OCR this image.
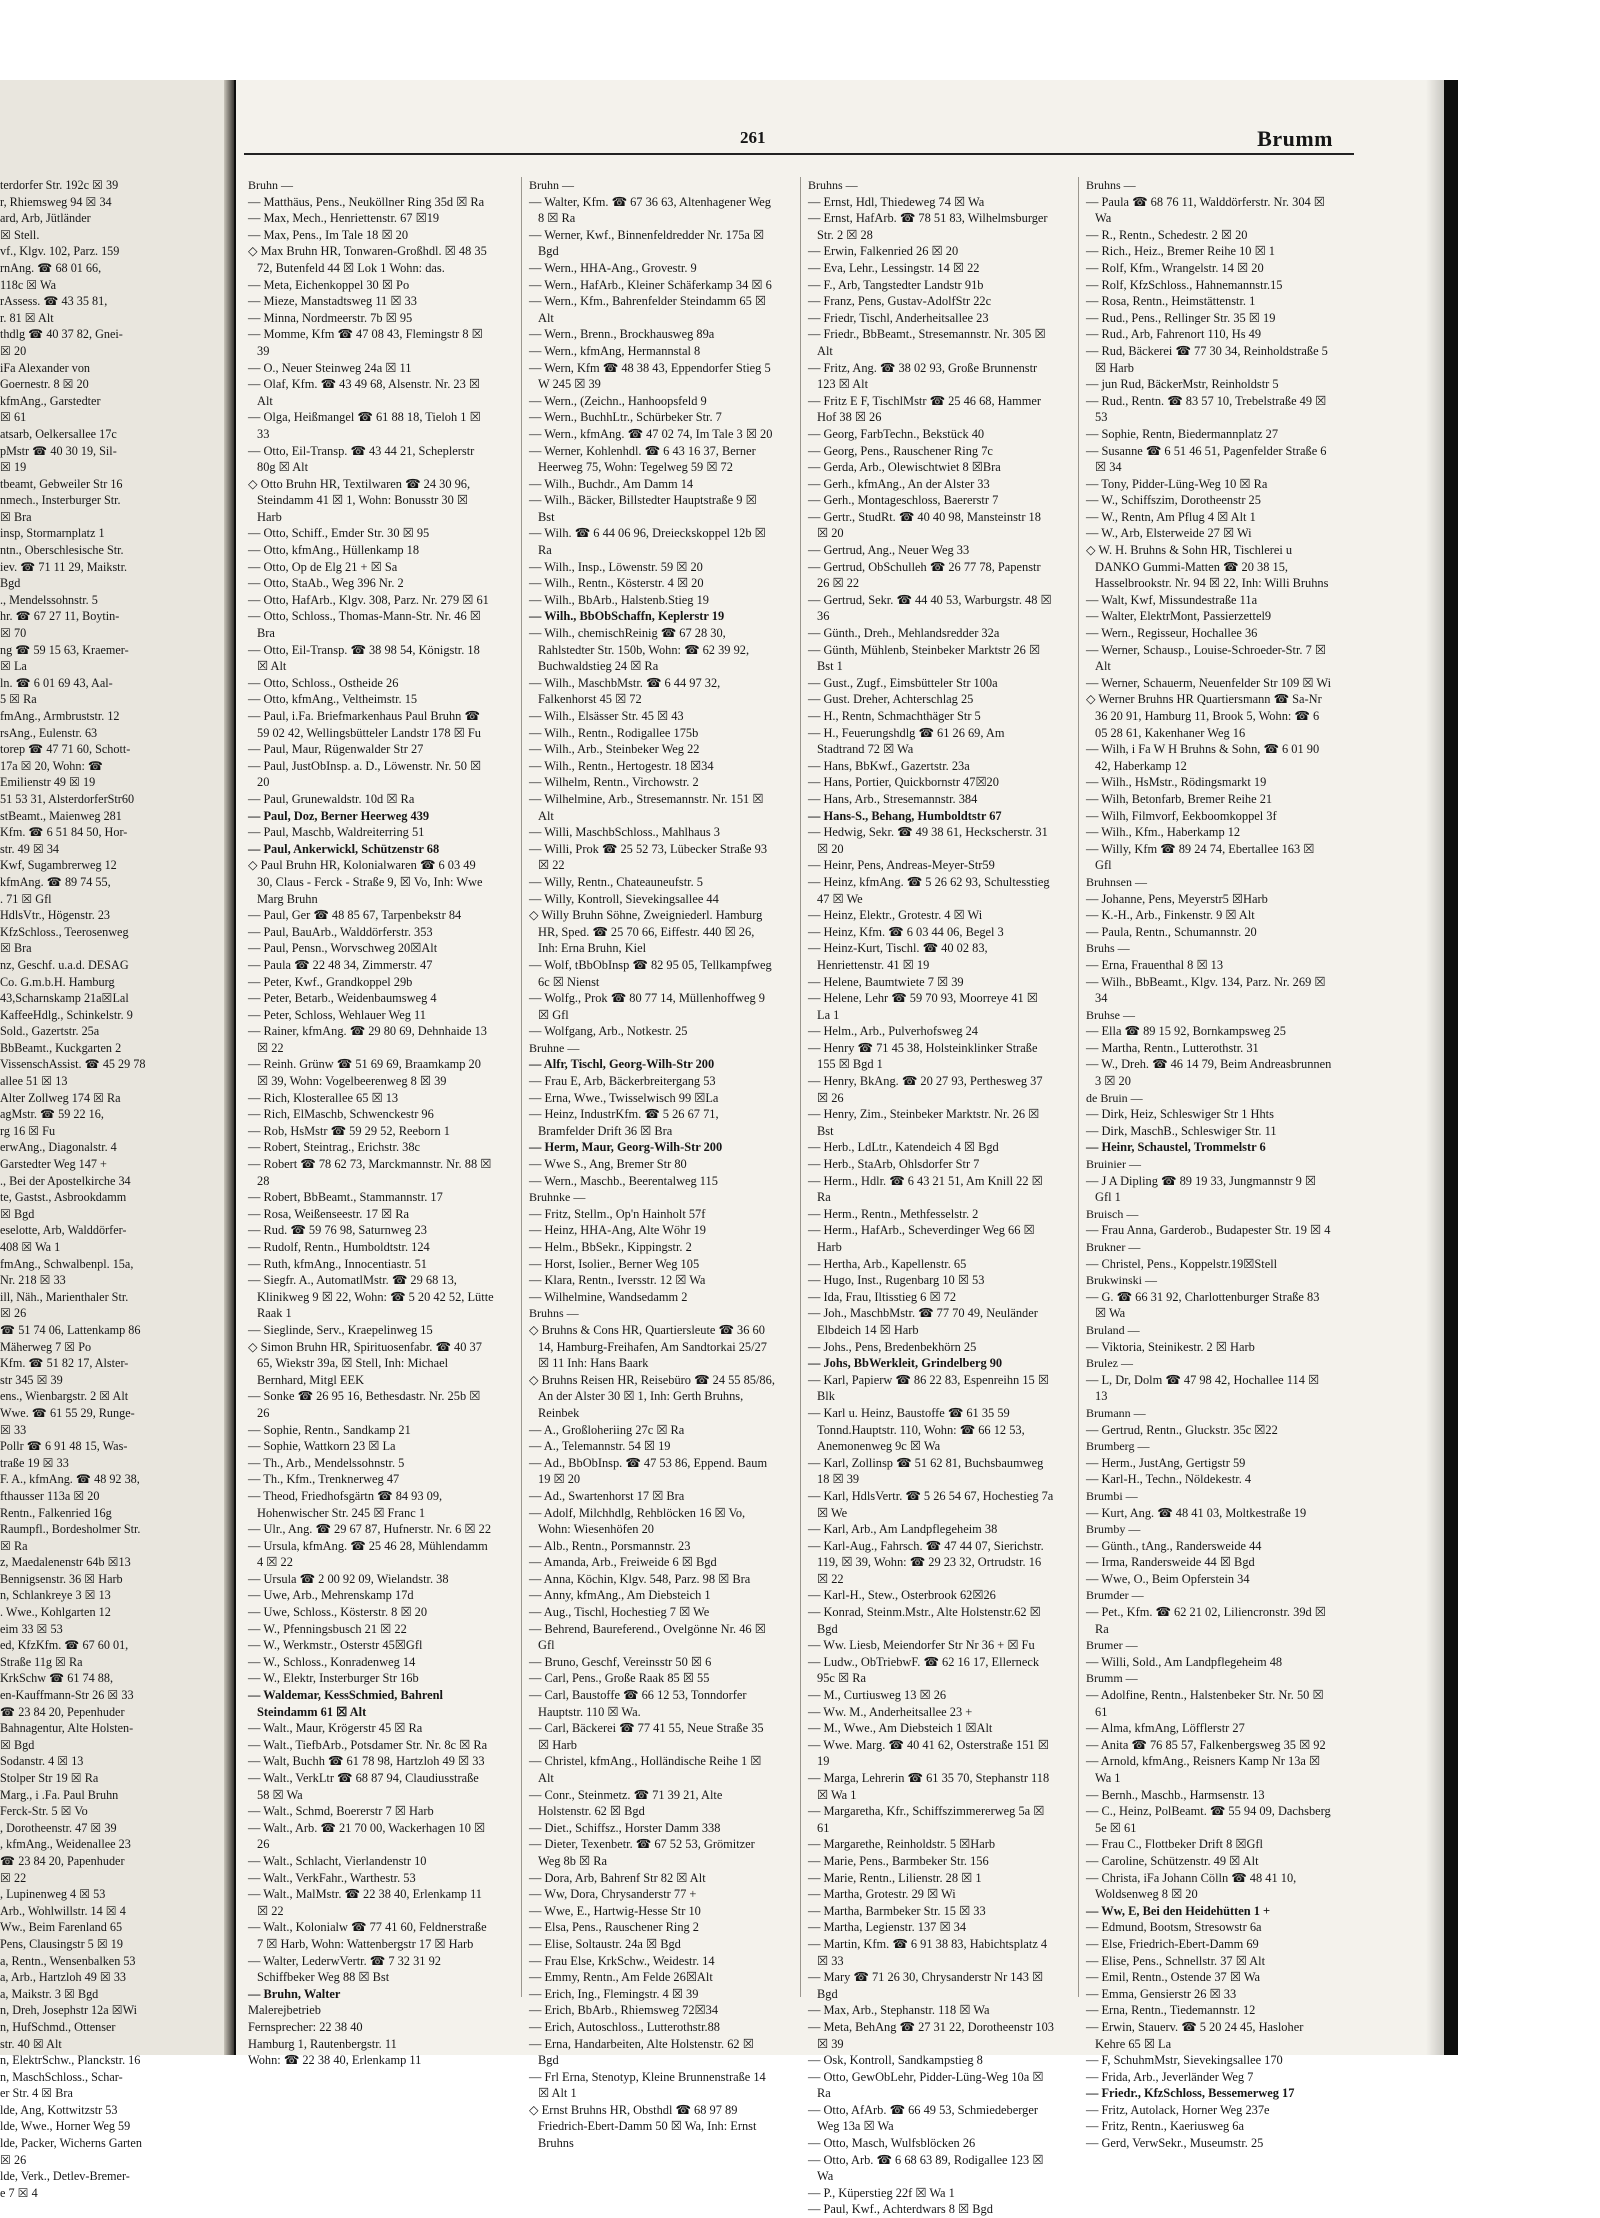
terdorfer Str. 192c ☒ 39

r, Rhiemsweg 94 ☒ 34

ard, Arb, Jütländer

☒ Stell.

vf., Klgv. 102, Parz. 159

rnAng. ☎ 68 01 66,

118c ☒ Wa

rAssess. ☎ 43 35 81,

r. 81 ☒ Alt

thdlg ☎ 40 37 82, Gnei-

☒ 20

iFa Alexander von

Goernestr. 8 ☒ 20

kfmAng., Garstedter

☒ 61

atsarb, Oelkersallee 17c

pMstr ☎ 40 30 19, Sil-

☒ 19

tbeamt, Gebweiler Str 16

nmech., Insterburger Str.

☒ Bra

insp, Stormarnplatz 1

ntn., Oberschlesische Str.

iev. ☎ 71 11 29, Maikstr.

Bgd

., Mendelssohnstr. 5

hr. ☎ 67 27 11, Boytin-

☒ 70

ng ☎ 59 15 63, Kraemer-

☒ La

ln. ☎ 6 01 69 43, Aal-

5 ☒ Ra

fmAng., Armbruststr. 12

rsAng., Eulenstr. 63

torep ☎ 47 71 60, Schott-

17a ☒ 20, Wohn: ☎

Emilienstr 49 ☒ 19

51 53 31, AlsterdorferStr60

stBeamt., Maienweg 281

Kfm. ☎ 6 51 84 50, Hor-

str. 49 ☒ 34

Kwf, Sugambrerweg 12

kfmAng. ☎ 89 74 55,

. 71 ☒ Gfl

HdlsVtr., Högenstr. 23

KfzSchloss., Teerosenweg

☒ Bra

nz, Geschf. u.a.d. DESAG

Co. G.m.b.H. Hamburg

43,Scharnskamp 21a☒Lal

KaffeeHdlg., Schinkelstr. 9

Sold., Gazertstr. 25a

BbBeamt., Kuckgarten 2

VissenschAssist. ☎ 45 29 78

allee 51 ☒ 13

Alter Zollweg 174 ☒ Ra

agMstr. ☎ 59 22 16,

rg 16 ☒ Fu

erwAng., Diagonalstr. 4

Garstedter Weg 147 +

., Bei der Apostelkirche 34

te, Gastst., Asbrookdamm

☒ Bgd

eselotte, Arb, Walddörfer-

408 ☒ Wa 1

fmAng., Schwalbenpl. 15a,

Nr. 218 ☒ 33

ill, Näh., Marienthaler Str.

☒ 26

☎ 51 74 06, Lattenkamp 86

Mäherweg 7 ☒ Po

Kfm. ☎ 51 82 17, Alster-

str 345 ☒ 39

ens., Wienbargstr. 2 ☒ Alt

Wwe. ☎ 61 55 29, Runge-

☒ 33

Pollr ☎ 6 91 48 15, Was-

traße 19 ☒ 33

F. A., kfmAng. ☎ 48 92 38,

fthausser 113a ☒ 20

Rentn., Falkenried 16g

Raumpfl., Bordesholmer Str.

☒ Ra

z, Maedalenenstr 64b ☒13

Bennigsenstr. 36 ☒ Harb

n, Schlankreye 3 ☒ 13

. Wwe., Kohlgarten 12

eim 33 ☒ 53

ed, KfzKfm. ☎ 67 60 01,

Straße 11g ☒ Ra

KrkSchw ☎ 61 74 88,

en-Kauffmann-Str 26 ☒ 33

☎ 23 84 20, Pepenhuder

Bahnagentur, Alte Holsten-

☒ Bgd

Sodanstr. 4 ☒ 13

Stolper Str 19 ☒ Ra

Marg., i .Fa. Paul Bruhn

Ferck-Str. 5 ☒ Vo

, Dorotheenstr. 47 ☒ 39

, kfmAng., Weidenallee 23

☎ 23 84 20, Papenhuder

☒ 22

, Lupinenweg 4 ☒ 53

Arb., Wohlwillstr. 14 ☒ 4

Ww., Beim Farenland 65

Pens, Clausingstr 5 ☒ 19

a, Rentn., Wensenbalken 53

a, Arb., Hartzloh 49 ☒ 33

a, Maikstr. 3 ☒ Bgd

n, Dreh, Josephstr 12a ☒Wi

n, HufSchmd., Ottenser

str. 40 ☒ Alt

n, ElektrSchw., Planckstr. 16

n, MaschSchloss., Schar-

er Str. 4 ☒ Bra

lde, Ang, Kottwitzstr 53

lde, Wwe., Horner Weg 59

lde, Packer, Wicherns Garten

☒ 26

lde, Verk., Detlev-Bremer-

e 7 ☒ 4

261	Brumm

Bruhn —

— Matthäus, Pens., Neuköllner Ring 35d ☒ Ra

— Max, Mech., Henriettenstr. 67 ☒19

— Max, Pens., Im Tale 18 ☒ 20

◇ Max Bruhn HR, Tonwaren-Großhdl. ☒ 48 35 72, Butenfeld 44 ☒ Lok 1 Wohn: das.

— Meta, Eichenkoppel 30 ☒ Po

— Mieze, Manstadtsweg 11 ☒ 33

— Minna, Nordmeerstr. 7b ☒ 95

— Momme, Kfm ☎ 47 08 43, Flemingstr 8 ☒ 39

— O., Neuer Steinweg 24a ☒ 11

— Olaf, Kfm. ☎ 43 49 68, Alsenstr. Nr. 23 ☒ Alt

— Olga, Heißmangel ☎ 61 88 18, Tieloh 1 ☒ 33

— Otto, Eil-Transp. ☎ 43 44 21, Scheplerstr 80g ☒ Alt

◇ Otto Bruhn HR, Textilwaren ☎ 24 30 96, Steindamm 41 ☒ 1, Wohn: Bonusstr 30 ☒ Harb

— Otto, Schiff., Emder Str. 30 ☒ 95

— Otto, kfmAng., Hüllenkamp 18

— Otto, Op de Elg 21 + ☒ Sa

— Otto, StaAb., Weg 396 Nr. 2

— Otto, HafArb., Klgv. 308, Parz. Nr. 279 ☒ 61

— Otto, Schloss., Thomas-Mann-Str. Nr. 46 ☒ Bra

— Otto, Eil-Transp. ☎ 38 98 54, Königstr. 18 ☒ Alt

— Otto, Schloss., Ostheide 26

— Otto, kfmAng., Veltheimstr. 15

— Paul, i.Fa. Briefmarkenhaus Paul Bruhn ☎ 59 02 42, Wellingsbütteler Landstr 178 ☒ Fu

— Paul, Maur, Rügenwalder Str 27

— Paul, JustObInsp. a. D., Löwenstr. Nr. 50 ☒ 20

— Paul, Grunewaldstr. 10d ☒ Ra

— Paul, Doz, Berner Heerweg 439

— Paul, Maschb, Waldreiterring 51

— Paul, Ankerwickl, Schützenstr 68

◇ Paul Bruhn HR, Kolonialwaren ☎ 6 03 49 30, Claus - Ferck - Straße 9, ☒ Vo, Inh: Wwe Marg Bruhn

— Paul, Ger ☎ 48 85 67, Tarpenbekstr 84

— Paul, BauArb., Walddörferstr. 353

— Paul, Pensn., Worvschweg 20☒Alt

— Paula ☎ 22 48 34, Zimmerstr. 47

— Peter, Kwf., Grandkoppel 29b

— Peter, Betarb., Weidenbaumsweg 4

— Peter, Schloss, Wehlauer Weg 11

— Rainer, kfmAng. ☎ 29 80 69, Dehnhaide 13 ☒ 22

— Reinh. Grünw ☎ 51 69 69, Braamkamp 20 ☒ 39, Wohn: Vogelbeerenweg 8 ☒ 39

— Rich, Klosterallee 65 ☒ 13

— Rich, ElMaschb, Schwenckestr 96

— Rob, HsMstr ☎ 59 29 52, Reeborn 1

— Robert, Steintrag., Erichstr. 38c

— Robert ☎ 78 62 73, Marckmannstr. Nr. 88 ☒ 28

— Robert, BbBeamt., Stammannstr. 17

— Rosa, Weißenseestr. 17 ☒ Ra

— Rud. ☎ 59 76 98, Saturnweg 23

— Rudolf, Rentn., Humboldtstr. 124

— Ruth, kfmAng., Innocentiastr. 51

— Siegfr. A., AutomatlMstr. ☎ 29 68 13, Klinikweg 9 ☒ 22, Wohn: ☎ 5 20 42 52, Lütte Raak 1

— Sieglinde, Serv., Kraepelinweg 15

◇ Simon Bruhn HR, Spirituosenfabr. ☎ 40 37 65, Wiekstr 39a, ☒ Stell, Inh: Michael Bernhard, Mitgl EEK

— Sonke ☎ 26 95 16, Bethesdastr. Nr. 25b ☒ 26

— Sophie, Rentn., Sandkamp 21

— Sophie, Wattkorn 23 ☒ La

— Th., Arb., Mendelssohnstr. 5

— Th., Kfm., Trenknerweg 47

— Theod, Friedhofsgärtn ☎ 84 93 09, Hohenwischer Str. 245 ☒ Franc 1

— Ulr., Ang. ☎ 29 67 87, Hufnerstr. Nr. 6 ☒ 22

— Ursula, kfmAng. ☎ 25 46 28, Mühlendamm 4 ☒ 22

— Ursula ☎ 2 00 92 09, Wielandstr. 38

— Uwe, Arb., Mehrenskamp 17d

— Uwe, Schloss., Kösterstr. 8 ☒ 20

— W., Pfenningsbusch 21 ☒ 22

— W., Werkmstr., Osterstr 45☒Gfl

— W., Schloss., Konradenweg 14

— W., Elektr, Insterburger Str 16b

— Waldemar, KessSchmied, Bahrenl Steindamm 61 ☒ Alt

— Walt., Maur, Krögerstr 45 ☒ Ra

— Walt., TiefbArb., Potsdamer Str. Nr. 8c ☒ Ra

— Walt, Buchh ☎ 61 78 98, Hartzloh 49 ☒ 33

— Walt., VerkLtr ☎ 68 87 94, Claudiusstraße 58 ☒ Wa

— Walt., Schmd, Boererstr 7 ☒ Harb

— Walt., Arb. ☎ 21 70 00, Wackerhagen 10 ☒ 26

— Walt., Schlacht, Vierlandenstr 10

— Walt., VerkFahr., Warthestr. 53

— Walt., MalMstr. ☎ 22 38 40, Erlenkamp 11 ☒ 22

— Walt., Kolonialw ☎ 77 41 60, Feldnerstraße 7 ☒ Harb, Wohn: Wattenbergstr 17 ☒ Harb

— Walter, LederwVertr. ☎ 7 32 31 92 Schiffbeker Weg 88 ☒ Bst

— Bruhn, Walter

Malerejbetrieb

Fernsprecher: 22 38 40

Hamburg 1, Rautenbergstr. 11

Wohn: ☎ 22 38 40, Erlenkamp 11

Bruhn —

— Walter, Kfm. ☎ 67 36 63, Altenhagener Weg 8 ☒ Ra

— Werner, Kwf., Binnenfeldredder Nr. 175a ☒ Bgd

— Wern., HHA-Ang., Grovestr. 9

— Wern., HafArb., Kleiner Schäferkamp 34 ☒ 6

— Wern., Kfm., Bahrenfelder Steindamm 65 ☒ Alt

— Wern., Brenn., Brockhausweg 89a

— Wern., kfmAng, Hermannstal 8

— Wern, Kfm ☎ 48 38 43, Eppendorfer Stieg 5 W 245 ☒ 39

— Wern., (Zeichn., Hanhoopsfeld 9

— Wern., BuchhLtr., Schürbeker Str. 7

— Wern., kfmAng. ☎ 47 02 74, Im Tale 3 ☒ 20

— Werner, Kohlenhdl. ☎ 6 43 16 37, Berner Heerweg 75, Wohn: Tegelweg 59 ☒ 72

— Wilh., Buchdr., Am Damm 14

— Wilh., Bäcker, Billstedter Hauptstraße 9 ☒ Bst

— Wilh. ☎ 6 44 06 96, Dreieckskoppel 12b ☒ Ra

— Wilh., Insp., Löwenstr. 59 ☒ 20

— Wilh., Rentn., Kösterstr. 4 ☒ 20

— Wilh., BbArb., Halstenb.Stieg 19

— Wilh., BbObSchaffn, Keplerstr 19

— Wilh., chemischReinig ☎ 67 28 30, Rahlstedter Str. 150b, Wohn: ☎ 62 39 92, Buchwaldstieg 24 ☒ Ra

— Wilh., MaschbMstr. ☎ 6 44 97 32, Falkenhorst 45 ☒ 72

— Wilh., Elsässer Str. 45 ☒ 43

— Wilh., Rentn., Rodigallee 175b

— Wilh., Arb., Steinbeker Weg 22

— Wilh., Rentn., Hertogestr. 18 ☒34

— Wilhelm, Rentn., Virchowstr. 2

— Wilhelmine, Arb., Stresemannstr. Nr. 151 ☒ Alt

— Willi, MaschbSchloss., Mahlhaus 3

— Willi, Prok ☎ 25 52 73, Lübecker Straße 93 ☒ 22

— Willy, Rentn., Chateauneufstr. 5

— Willy, Kontroll, Sievekingsallee 44

◇ Willy Bruhn Söhne, Zweigniederl. Hamburg HR, Sped. ☎ 25 70 66, Eiffestr. 440 ☒ 26, Inh: Erna Bruhn, Kiel

— Wolf, tBbObInsp ☎ 82 95 05, Tellkampfweg 6c ☒ Nienst

— Wolfg., Prok ☎ 80 77 14, Müllenhoffweg 9 ☒ Gfl

— Wolfgang, Arb., Notkestr. 25

Bruhne —

— Alfr, Tischl, Georg-Wilh-Str 200

— Frau E, Arb, Bäckerbreitergang 53

— Erna, Wwe., Twisselwisch 99 ☒La

— Heinz, IndustrKfm. ☎ 5 26 67 71, Bramfelder Drift 36 ☒ Bra

— Herm, Maur, Georg-Wilh-Str 200

— Wwe S., Ang, Bremer Str 80

— Wern., Maschb., Beerentalweg 115

Bruhnke —

— Fritz, Stellm., Op'n Hainholt 57f

— Heinz, HHA-Ang, Alte Wöhr 19

— Helm., BbSekr., Kippingstr. 2

— Horst, Isolier., Berner Weg 105

— Klara, Rentn., Iversstr. 12 ☒ Wa

— Wilhelmine, Wandsedamm 2

Bruhns —

◇ Bruhns & Cons HR, Quartiersleute ☎ 36 60 14, Hamburg-Freihafen, Am Sandtorkai 25/27 ☒ 11 Inh: Hans Baark

◇ Bruhns Reisen HR, Reisebüro ☎ 24 55 85/86, An der Alster 30 ☒ 1, Inh: Gerth Bruhns, Reinbek

— A., Großloheriing 27c ☒ Ra

— A., Telemannstr. 54 ☒ 19

— Ad., BbObInsp. ☎ 47 53 86, Eppend. Baum 19 ☒ 20

— Ad., Swartenhorst 17 ☒ Bra

— Adolf, Milchhdlg, Rehblöcken 16 ☒ Vo, Wohn: Wiesenhöfen 20

— Alb., Rentn., Porsmannstr. 23

— Amanda, Arb., Freiweide 6 ☒ Bgd

— Anna, Köchin, Klgv. 548, Parz. 98 ☒ Bra

— Anny, kfmAng., Am Diebsteich 1

— Aug., Tischl, Hochestieg 7 ☒ We

— Behrend, Baureferend., Ovelgönne Nr. 46 ☒ Gfl

— Bruno, Geschf, Vereinsstr 50 ☒ 6

— Carl, Pens., Große Raak 85 ☒ 55

— Carl, Baustoffe ☎ 66 12 53, Tonndorfer Hauptstr. 110 ☒ Wa.

— Carl, Bäckerei ☎ 77 41 55, Neue Straße 35 ☒ Harb

— Christel, kfmAng., Holländische Reihe 1 ☒ Alt

— Conr., Steinmetz. ☎ 71 39 21, Alte Holstenstr. 62 ☒ Bgd

— Diet., Schiffsz., Horster Damm 338

— Dieter, Texenbetr. ☎ 67 52 53, Grömitzer Weg 8b ☒ Ra

— Dora, Arb, Bahrenf Str 82 ☒ Alt

— Ww, Dora, Chrysanderstr 77 +

— Wwe, E., Hartwig-Hesse Str 10

— Elsa, Pens., Rauschener Ring 2

— Elise, Soltaustr. 24a ☒ Bgd

— Frau Else, KrkSchw., Weidestr. 14

— Emmy, Rentn., Am Felde 26☒Alt

— Erich, Ing., Flemingstr. 4 ☒ 39

— Erich, BbArb., Rhiemsweg 72☒34

— Erich, Autoschloss., Lutterothstr.88

— Erna, Handarbeiten, Alte Holstenstr. 62 ☒ Bgd

— Frl Erna, Stenotyp, Kleine Brunnenstraße 14 ☒ Alt 1

◇ Ernst Bruhns HR, Obsthdl ☎ 68 97 89 Friedrich-Ebert-Damm 50 ☒ Wa, Inh: Ernst Bruhns

Bruhns —

— Ernst, Hdl, Thiedeweg 74 ☒ Wa

— Ernst, HafArb. ☎ 78 51 83, Wilhelmsburger Str. 2 ☒ 28

— Erwin, Falkenried 26 ☒ 20

— Eva, Lehr., Lessingstr. 14 ☒ 22

— F., Arb, Tangstedter Landstr 91b

— Franz, Pens, Gustav-AdolfStr 22c

— Friedr, Tischl, Anderheitsallee 23

— Friedr., BbBeamt., Stresemannstr. Nr. 305 ☒ Alt

— Fritz, Ang. ☎ 38 02 93, Große Brunnenstr 123 ☒ Alt

— Fritz E F, TischlMstr ☎ 25 46 68, Hammer Hof 38 ☒ 26

— Georg, FarbTechn., Bekstück 40

— Georg, Pens., Rauschener Ring 7c

— Gerda, Arb., Olewischtwiet 8 ☒Bra

— Gerh., kfmAng., An der Alster 33

— Gerh., Montageschloss, Baererstr 7

— Gertr., StudRt. ☎ 40 40 98, Mansteinstr 18 ☒ 20

— Gertrud, Ang., Neuer Weg 33

— Gertrud, ObSchulleh ☎ 26 77 78, Papenstr 26 ☒ 22

— Gertrud, Sekr. ☎ 44 40 53, Warburgstr. 48 ☒ 36

— Günth., Dreh., Mehlandsredder 32a

— Günth, Mühlenb, Steinbeker Marktstr 26 ☒ Bst 1

— Gust., Zugf., Eimsbütteler Str 100a

— Gust. Dreher, Achterschlag 25

— H., Rentn, Schmachthäger Str 5

— H., Feuerungshdlg ☎ 61 26 69, Am Stadtrand 72 ☒ Wa

— Hans, BbKwf., Gazertstr. 23a

— Hans, Portier, Quickbornstr 47☒20

— Hans, Arb., Stresemannstr. 384

— Hans-S., Behang, Humboldtstr 67

— Hedwig, Sekr. ☎ 49 38 61, Heckscherstr. 31 ☒ 20

— Heinr, Pens, Andreas-Meyer-Str59

— Heinz, kfmAng. ☎ 5 26 62 93, Schultesstieg 47 ☒ We

— Heinz, Elektr., Grotestr. 4 ☒ Wi

— Heinz, Kfm. ☎ 6 03 44 06, Begel 3

— Heinz-Kurt, Tischl. ☎ 40 02 83, Henriettenstr. 41 ☒ 19

— Helene, Baumtwiete 7 ☒ 39

— Helene, Lehr ☎ 59 70 93, Moorreye 41 ☒ La 1

— Helm., Arb., Pulverhofsweg 24

— Henry ☎ 71 45 38, Holsteinklinker Straße 155 ☒ Bgd 1

— Henry, BkAng. ☎ 20 27 93, Perthesweg 37 ☒ 26

— Henry, Zim., Steinbeker Marktstr. Nr. 26 ☒ Bst

— Herb., LdLtr., Katendeich 4 ☒ Bgd

— Herb., StaArb, Ohlsdorfer Str 7

— Herm., Hdlr. ☎ 6 43 21 51, Am Knill 22 ☒ Ra

— Herm., Rentn., Methfesselstr. 2

— Herm., HafArb., Scheverdinger Weg 66 ☒ Harb

— Hertha, Arb., Kapellenstr. 65

— Hugo, Inst., Rugenbarg 10 ☒ 53

— Ida, Frau, Iltisstieg 6 ☒ 72

— Joh., MaschbMstr. ☎ 77 70 49, Neuländer Elbdeich 14 ☒ Harb

— Johs., Pens, Bredenbekhörn 25

— Johs, BbWerkleit, Grindelberg 90

— Karl, Papierw ☎ 86 22 83, Espenreihn 15 ☒ Blk

— Karl u. Heinz, Baustoffe ☎ 61 35 59 Tonnd.Hauptstr. 110, Wohn: ☎ 66 12 53, Anemonenweg 9c ☒ Wa

— Karl, Zollinsp ☎ 51 62 81, Buchsbaumweg 18 ☒ 39

— Karl, HdlsVertr. ☎ 5 26 54 67, Hochestieg 7a ☒ We

— Karl, Arb., Am Landpflegeheim 38

— Karl-Aug., Fahrsch. ☎ 47 44 07, Sierichstr. 119, ☒ 39, Wohn: ☎ 29 23 32, Ortrudstr. 16 ☒ 22

— Karl-H., Stew., Osterbrook 62☒26

— Konrad, Steinm.Mstr., Alte Holstenstr.62 ☒ Bgd

— Ww. Liesb, Meiendorfer Str Nr 36 + ☒ Fu

— Ludw., ObTriebwF. ☎ 62 16 17, Ellerneck 95c ☒ Ra

— M., Curtiusweg 13 ☒ 26

— Ww. M., Anderheitsallee 23 +

— M., Wwe., Am Diebsteich 1 ☒Alt

— Wwe. Marg. ☎ 40 41 62, Osterstraße 151 ☒ 19

— Marga, Lehrerin ☎ 61 35 70, Stephanstr 118 ☒ Wa 1

— Margaretha, Kfr., Schiffszimmererweg 5a ☒ 61

— Margarethe, Reinholdstr. 5 ☒Harb

— Marie, Pens., Barmbeker Str. 156

— Marie, Rentn., Lilienstr. 28 ☒ 1

— Martha, Grotestr. 29 ☒ Wi

— Martha, Barmbeker Str. 15 ☒ 33

— Martha, Legienstr. 137 ☒ 34

— Martin, Kfm. ☎ 6 91 38 83, Habichtsplatz 4 ☒ 33

— Mary ☎ 71 26 30, Chrysanderstr Nr 143 ☒ Bgd

— Max, Arb., Stephanstr. 118 ☒ Wa

— Meta, BehAng ☎ 27 31 22, Dorotheenstr 103 ☒ 39

— Osk, Kontroll, Sandkampstieg 8

— Otto, GewObLehr, Pidder-Lüng-Weg 10a ☒ Ra

— Otto, AfArb. ☎ 66 49 53, Schmiedeberger Weg 13a ☒ Wa

— Otto, Masch, Wulfsblöcken 26

— Otto, Arb. ☎ 6 68 63 89, Rodigallee 123 ☒ Wa

— P., Küperstieg 22f ☒ Wa 1

— Paul, Kwf., Achterdwars 8 ☒ Bgd

Bruhns —

— Paula ☎ 68 76 11, Walddörferstr. Nr. 304 ☒ Wa

— R., Rentn., Schedestr. 2 ☒ 20

— Rich., Heiz., Bremer Reihe 10 ☒ 1

— Rolf, Kfm., Wrangelstr. 14 ☒ 20

— Rolf, KfzSchloss., Hahnemannstr.15

— Rosa, Rentn., Heimstättenstr. 1

— Rud., Pens., Rellinger Str. 35 ☒ 19

— Rud., Arb, Fahrenort 110, Hs 49

— Rud, Bäckerei ☎ 77 30 34, Reinholdstraße 5 ☒ Harb

— jun Rud, BäckerMstr, Reinholdstr 5

— Rud., Rentn. ☎ 83 57 10, Trebelstraße 49 ☒ 53

— Sophie, Rentn, Biedermannplatz 27

— Susanne ☎ 6 51 46 51, Pagenfelder Straße 6 ☒ 34

— Tony, Pidder-Lüng-Weg 10 ☒ Ra

— W., Schiffszim, Dorotheenstr 25

— W., Rentn, Am Pflug 4 ☒ Alt 1

— W., Arb, Elsterweide 27 ☒ Wi

◇ W. H. Bruhns & Sohn HR, Tischlerei u DANKO Gummi-Matten ☎ 20 38 15, Hasselbrookstr. Nr. 94 ☒ 22, Inh: Willi Bruhns

— Walt, Kwf, Missundestraße 11a

— Walter, ElektrMont, Passierzettel9

— Wern., Regisseur, Hochallee 36

— Werner, Schausp., Louise-Schroeder-Str. 7 ☒ Alt

— Werner, Schauerm, Neuenfelder Str 109 ☒ Wi

◇ Werner Bruhns HR Quartiersmann ☎ Sa-Nr 36 20 91, Hamburg 11, Brook 5, Wohn: ☎ 6 05 28 61, Kakenhaner Weg 16

— Wilh, i Fa W H Bruhns & Sohn, ☎ 6 01 90 42, Haberkamp 12

— Wilh., HsMstr., Rödingsmarkt 19

— Wilh, Betonfarb, Bremer Reihe 21

— Wilh, Filmvorf, Eekboomkoppel 3f

— Wilh., Kfm., Haberkamp 12

— Willy, Kfm ☎ 89 24 74, Ebertallee 163 ☒ Gfl

Bruhnsen —

— Johanne, Pens, Meyerstr5 ☒Harb

— K.-H., Arb., Finkenstr. 9 ☒ Alt

— Paula, Rentn., Schumannstr. 20

Bruhs —

— Erna, Frauenthal 8 ☒ 13

— Wilh., BbBeamt., Klgv. 134, Parz. Nr. 269 ☒ 34

Bruhse —

— Ella ☎ 89 15 92, Bornkampsweg 25

— Martha, Rentn., Lutterothstr. 31

— W., Dreh. ☎ 46 14 79, Beim Andreasbrunnen 3 ☒ 20

de Bruin —

— Dirk, Heiz, Schleswiger Str 1 Hhts

— Dirk, MaschB., Schleswiger Str. 11

— Heinr, Schaustel, Trommelstr 6

Bruinier —

— J A Dipling ☎ 89 19 33, Jungmannstr 9 ☒ Gfl 1

Bruisch —

— Frau Anna, Garderob., Budapester Str. 19 ☒ 4

Brukner —

— Christel, Pens., Koppelstr.19☒Stell

Brukwinski —

— G. ☎ 66 31 92, Charlottenburger Straße 83 ☒ Wa

Bruland —

— Viktoria, Steinikestr. 2 ☒ Harb

Brulez —

— L, Dr, Dolm ☎ 47 98 42, Hochallee 114 ☒ 13

Brumann —

— Gertrud, Rentn., Gluckstr. 35c ☒22

Brumberg —

— Herm., JustAng, Gertigstr 59

— Karl-H., Techn., Nöldekestr. 4

Brumbi —

— Kurt, Ang. ☎ 48 41 03, Moltkestraße 19

Brumby —

— Günth., tAng., Randersweide 44

— Irma, Randersweide 44 ☒ Bgd

— Wwe, O., Beim Opferstein 34

Brumder —

— Pet., Kfm. ☎ 62 21 02, Liliencronstr. 39d ☒ Ra

Brumer —

— Willi, Sold., Am Landpflegeheim 48

Brumm —

— Adolfine, Rentn., Halstenbeker Str. Nr. 50 ☒ 61

— Alma, kfmAng, Löfflerstr 27

— Anita ☎ 76 85 57, Falkenbergsweg 35 ☒ 92

— Arnold, kfmAng., Reisners Kamp Nr 13a ☒ Wa 1

— Bernh., Maschb., Harmsenstr. 13

— C., Heinz, PolBeamt. ☎ 55 94 09, Dachsberg 5e ☒ 61

— Frau C., Flottbeker Drift 8 ☒Gfl

— Caroline, Schützenstr. 49 ☒ Alt

— Christa, iFa Johann Cölln ☎ 48 41 10, Woldsenweg 8 ☒ 20

— Ww, E, Bei den Heidehütten 1 +

— Edmund, Bootsm, Stresowstr 6a

— Else, Friedrich-Ebert-Damm 69

— Elise, Pens., Schnellstr. 37 ☒ Alt

— Emil, Rentn., Ostende 37 ☒ Wa

— Emma, Gensierstr 26 ☒ 33

— Erna, Rentn., Tiedemannstr. 12

— Erwin, Stauerv. ☎ 5 20 24 45, Hasloher Kehre 65 ☒ La

— F, SchuhmMstr, Sievekingsallee 170

— Frida, Arb., Jeverländer Weg 7

— Friedr., KfzSchloss, Bessemerweg 17

— Fritz, Autolack, Horner Weg 237e

— Fritz, Rentn., Kaeriusweg 6a

— Gerd, VerwSekr., Museumstr. 25
